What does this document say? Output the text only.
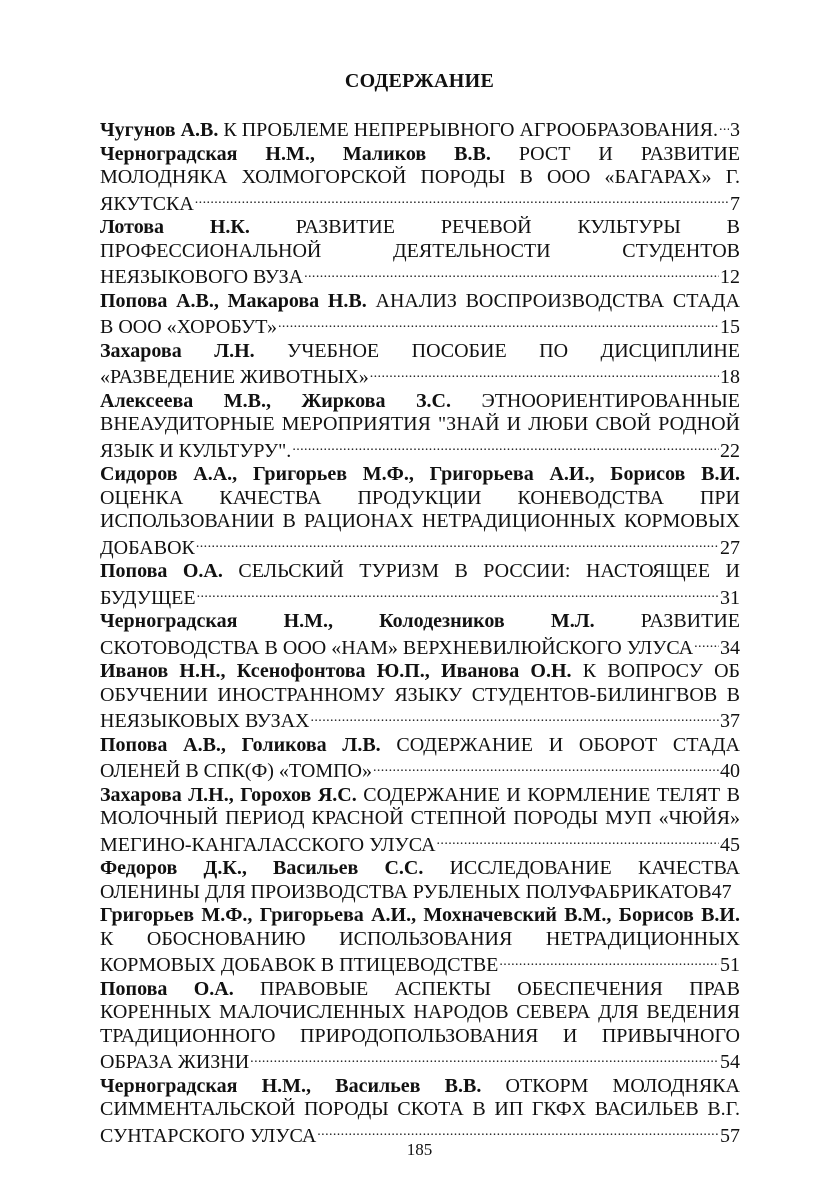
СОДЕРЖАНИЕ
Чугунов А.В. К ПРОБЛЕМЕ НЕПРЕРЫВНОГО АГРООБРАЗОВАНИЯ. ..... 3
Черноградская Н.М., Маликов В.В. РОСТ И РАЗВИТИЕ
МОЛОДНЯКА ХОЛМОГОРСКОЙ ПОРОДЫ В ООО «БАГАРАХ» Г.
ЯКУТСКА .....	7
Лотова Н.К. РАЗВИТИЕ РЕЧЕВОЙ КУЛЬТУРЫ В
ПРОФЕССИОНАЛЬНОЙ ДЕЯТЕЛЬНОСТИ СТУДЕНТОВ
НЕЯЗЫКОВОГО ВУЗА .....	12
Попова А.В., Макарова Н.В. АНАЛИЗ ВОСПРОИЗВОДСТВА СТАДА
В ООО «ХОРОБУТ» .....	15
Захарова Л.Н. УЧЕБНОЕ ПОСОБИЕ ПО ДИСЦИПЛИНЕ
«РАЗВЕДЕНИЕ ЖИВОТНЫХ» .....	18
Алексеева М.В., Жиркова З.С. ЭТНООРИЕНТИРОВАННЫЕ
ВНЕАУДИТОРНЫЕ МЕРОПРИЯТИЯ "ЗНАЙ И ЛЮБИ СВОЙ РОДНОЙ
ЯЗЫК И КУЛЬТУРУ". .....	22
Сидоров А.А., Григорьев М.Ф., Григорьева А.И., Борисов В.И.
ОЦЕНКА КАЧЕСТВА ПРОДУКЦИИ КОНЕВОДСТВА ПРИ
ИСПОЛЬЗОВАНИИ В РАЦИОНАХ НЕТРАДИЦИОННЫХ КОРМОВЫХ
ДОБАВОК .....	27
Попова О.А. СЕЛЬСКИЙ ТУРИЗМ В РОССИИ: НАСТОЯЩЕЕ И
БУДУЩЕЕ .....	31
Черноградская Н.М., Колодезников М.Л. РАЗВИТИЕ
СКОТОВОДСТВА В ООО «НАМ» ВЕРХНЕВИЛЮЙСКОГО УЛУСА ..... 34
Иванов Н.Н., Ксенофонтова Ю.П., Иванова О.Н. К ВОПРОСУ ОБ
ОБУЧЕНИИ ИНОСТРАННОМУ ЯЗЫКУ СТУДЕНТОВ-БИЛИНГВОВ В
НЕЯЗЫКОВЫХ ВУЗАХ .....	37
Попова А.В., Голикова Л.В. СОДЕРЖАНИЕ И ОБОРОТ СТАДА
ОЛЕНЕЙ В СПК(Ф) «ТОМПО» .....	40
Захарова Л.Н., Горохов Я.С. СОДЕРЖАНИЕ И КОРМЛЕНИЕ ТЕЛЯТ В
МОЛОЧНЫЙ ПЕРИОД КРАСНОЙ СТЕПНОЙ ПОРОДЫ МУП «ЧЮЙЯ»
МЕГИНО-КАНГАЛАССКОГО УЛУСА .....	45
Федоров Д.К., Васильев С.С. ИССЛЕДОВАНИЕ КАЧЕСТВА
ОЛЕНИНЫ ДЛЯ ПРОИЗВОДСТВА РУБЛЕНЫХ ПОЛУФАБРИКАТОВ 47
Григорьев М.Ф., Григорьева А.И., Мохначевский В.М., Борисов В.И.
К ОБОСНОВАНИЮ ИСПОЛЬЗОВАНИЯ НЕТРАДИЦИОННЫХ
КОРМОВЫХ ДОБАВОК В ПТИЦЕВОДСТВЕ .....	51
Попова О.А. ПРАВОВЫЕ АСПЕКТЫ ОБЕСПЕЧЕНИЯ ПРАВ
КОРЕННЫХ МАЛОЧИСЛЕННЫХ НАРОДОВ СЕВЕРА ДЛЯ ВЕДЕНИЯ
ТРАДИЦИОННОГО ПРИРОДОПОЛЬЗОВАНИЯ И ПРИВЫЧНОГО
ОБРАЗА ЖИЗНИ .....	54
Черноградская Н.М., Васильев В.В. ОТКОРМ МОЛОДНЯКА
СИММЕНТАЛЬСКОЙ ПОРОДЫ СКОТА В ИП ГКФХ ВАСИЛЬЕВ В.Г.
СУНТАРСКОГО УЛУСА .....	57
185
